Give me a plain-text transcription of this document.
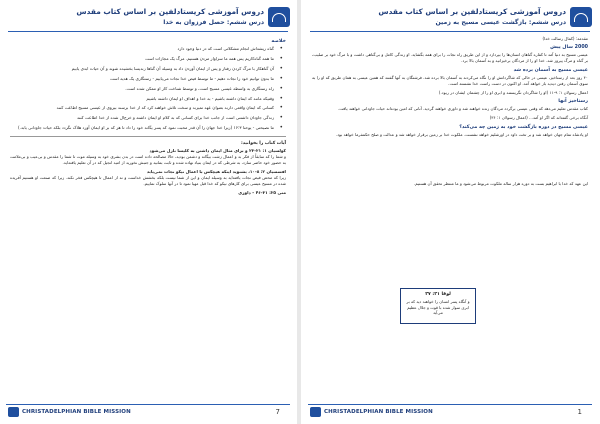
دروس آموزشی کریستادلفین بر اساس کتاب مقدس
درس ششم: حصل فرزوان به خدا
خلاصه
• گناه ریشه‌اش انجام مشکلاتی است که در دنیا وجود دارد
• ما همه گناه‌کاریم پس همه ما سزاوار مردن هستیم. مرگ یک مجازات است
• آن گناهکار با مرگ کردن رفتار و پس از ایمان آوردن داد به وسیله آن گناها زندیسا بخشیده شوند و آن حیات ابدی یابیم
• ما بدون توانیم خود را نجات دهیم - ما توسط فیض خدا نجات می‌یابیم - رستگاری یک هدیه است
• راه رستگاری به واسطه عیسی مسیح است، و توسط شناخت کار او ممکن شده است.
• وقتیکه مانند که ایمان داشته باشیم - به خدا و اهداف او ایمان داشته باشیم
• کسانی که ایمان واقعی دارند بعنوان عهد تمیزند و سخت تلاش خواهند کرد که از خدا برسند بیروی از عیسی مسیح اطاعت کنند
• زندگی جاودان داشتنی است از جانب خدا برای کسانی که به کلام او ایمان داشته و خرج‌ال شده از خدا اطاعت کنند
• ما نصیحتی - یوحنا ۱۶:۳ (زیرا خدا جهان را آن قدر محبت نمود که پسر یگانه خود را داد تا هر که بر او ایمان آورد هلاک نگردد بلکه حیات جاودانی یابد.)
آیات کتاب را بخوانید:
کولسیان ۱: ۲۱-۲۳ و برای مثال ایمان داشتن به کلیسا نازل می‌شود
و شما را که سابقاً از فکر بد و اعمال زشت بیگانه و دشمن بودید، حالا مصالحه داده است در بدن بشری خود به وسیله موت تا شما را مقدس و بی‌عیب و بی‌ملامت به حضور خود حاضر سازد، به شرطی که در ایمان بنیاد نهاده شده و ثابت بمانید و جنبش نخورید از امید انجیل که در آن تعلیم یافته‌اید.
افسسیان ۲: ۸-۱۰، بشنوید اینکه هیچکس با اعمال نیکو نجات نمی‌یابد
زیرا که محض فیض نجات یافته‌اید به وسیله ایمان و این از شما نیست بلکه بخشش خداست و نه از اعمال تا هیچکس فخر نکند. زیرا که صنعت او هستیم آفریده شده در مسیح عیسی برای کارهای نیکو که خدا قبل مهیا نمود تا در آنها سلوک نماییم.
متی ۲۵: ۳۱-۴۶ – داوری
CHRISTADELPHIAN BIBLE MISSION	7
دروس آموزشی کریستادلفین بر اساس کتاب مقدس
درس ششم: بازگشت عیسی مسیح به زمین
مقدمه: (کمال رسالت خدا)
2000 سال پیش
عیسی مسیح به دنیا آمد تا کفاره گناهان انسان‌ها را بپردازد و از این طریق راه نجات را برای همه بگشاید. او زندگی کامل و بی‌گناهی داشت و با مرگ خود بر صلیب، بر گناه و مرگ پیروز شد. خدا او را از مردگان برخیزانید و به آسمان بالا برد.
عیسی مسیح به آسمان برده شد
۴۰ روز بعد از رستاخیز، عیسی در حالی که شاگردانش او را نگاه می‌کردند به آسمان بالا برده شد. فرشتگان به آنها گفتند که همین عیسی به همان طریق که او را به سوی آسمان رفتن دیدید باز خواهد آمد. او اکنون در دست راست خدا نشسته است.
اعمال رسولان ۱: ۹-۱۱ (او را شاگردان نگریستند و ابری او را از چشمان ایشان در ربود.)
رستاخیز آنها
کتاب مقدس تعلیم می‌دهد که وقتی عیسی برگردد مردگان زنده خواهند شد و داوری خواهند گردید. آنانی که امین بوده‌اند حیات جاودانی خواهند یافت.
آنگاه برخی گفته‌اند که اگر او آمد... (اعمال رسولان ۱: ۳۶)
عیسی مسیح در دوره بازگشت خود به زمین چه می‌کند؟
او پادشاه تمام جهان خواهد شد و بر تخت داود در اورشلیم خواهد نشست. ملکوت خدا بر زمین برقرار خواهد شد و عدالت و صلح حکمفرما خواهد بود.
این عهد که خدا با ابراهیم بست به دوره هزار ساله ملکوت مربوط می‌شود و ما منتظر تحقق آن هستیم.
لوقا ۲۱: ۲۷
و آنگاه پسر انسان را خواهند دید که بر ابری سوار شده با قوت و جلال عظیم می‌آید
CHRISTADELPHIAN BIBLE MISSION	1
